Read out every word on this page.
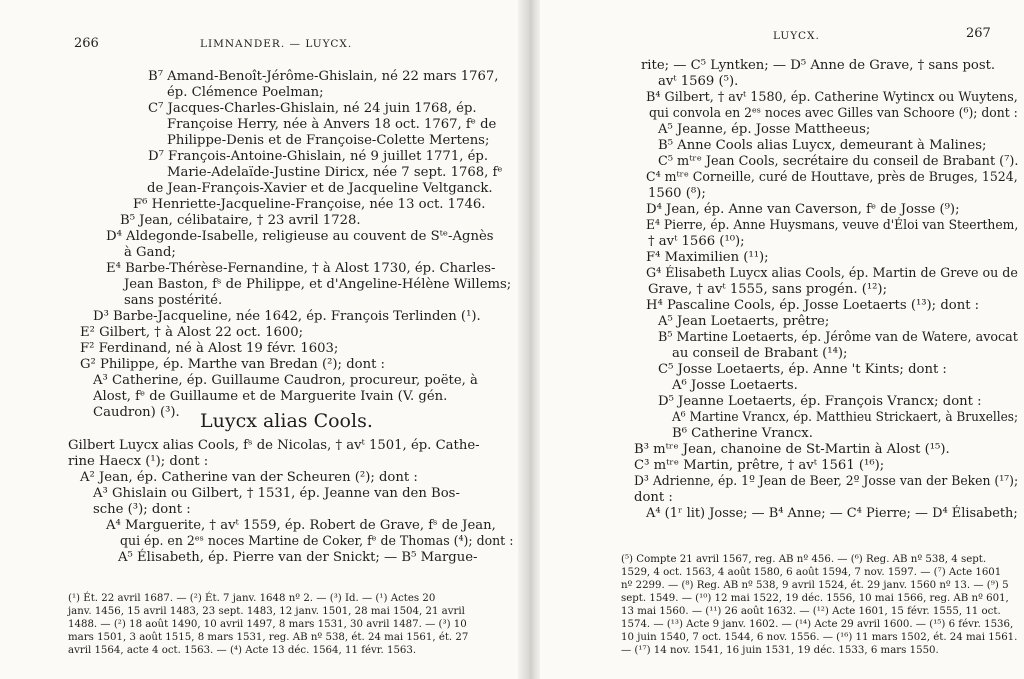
266	LIMNANDER. — LUYCX.
B⁷ Amand-Benoît-Jérôme-Ghislain, né 22 mars 1767,
ép. Clémence Poelman;
C⁷ Jacques-Charles-Ghislain, né 24 juin 1768, ép.
Françoise Herry, née à Anvers 18 oct. 1767, fᵉ de
Philippe-Denis et de Françoise-Colette Mertens;
D⁷ François-Antoine-Ghislain, né 9 juillet 1771, ép.
Marie-Adelaïde-Justine Diricx, née 7 sept. 1768, fᵉ
de Jean-François-Xavier et de Jacqueline Veltganck.
F⁶ Henriette-Jacqueline-Françoise, née 13 oct. 1746.
B⁵ Jean, célibataire, † 23 avril 1728.
D⁴ Aldegonde-Isabelle, religieuse au couvent de Sᵗᵉ-Agnès
à Gand;
E⁴ Barbe-Thérèse-Fernandine, † à Alost 1730, ép. Charles-
Jean Baston, fˢ de Philippe, et d'Angeline-Hélène Willems;
sans postérité.
D³ Barbe-Jacqueline, née 1642, ép. François Terlinden (¹).
E² Gilbert, † à Alost 22 oct. 1600;
F² Ferdinand, né à Alost 19 févr. 1603;
G² Philippe, ép. Marthe van Bredan (²); dont :
A³ Catherine, ép. Guillaume Caudron, procureur, poëte, à
Alost, fᵉ de Guillaume et de Marguerite Ivain (V. gén.
Caudron) (³). Luycx alias Cools.
Gilbert Luycx alias Cools, fˢ de Nicolas, † avᵗ 1501, ép. Cathe-
rine Haecx (¹); dont :
A² Jean, ép. Catherine van der Scheuren (²); dont :
A³ Ghislain ou Gilbert, † 1531, ép. Jeanne van den Bos-
sche (³); dont :
A⁴ Marguerite, † avᵗ 1559, ép. Robert de Grave, fˢ de Jean,
qui ép. en 2ᵉˢ noces Martine de Coker, fᵉ de Thomas (⁴); dont :
A⁵ Élisabeth, ép. Pierre van der Snickt; — B⁵ Margue-
(¹) Ét. 22 avril 1687. — (²) Ét. 7 janv. 1648 nº 2. — (³) Id. — (¹) Actes 20
janv. 1456, 15 avril 1483, 23 sept. 1483, 12 janv. 1501, 28 mai 1504, 21 avril
1488. — (²) 18 août 1490, 10 avril 1497, 8 mars 1531, 30 avril 1487. — (³) 10
mars 1501, 3 août 1515, 8 mars 1531, reg. AB nº 538, ét. 24 mai 1561, ét. 27
avril 1564, acte 4 oct. 1563. — (⁴) Acte 13 déc. 1564, 11 févr. 1563.
LUYCX.	267
rite; — C⁵ Lyntken; — D⁵ Anne de Grave, † sans post.
avᵗ 1569 (⁵).
B⁴ Gilbert, † avᵗ 1580, ép. Catherine Wytincx ou Wuytens,
qui convola en 2ᵉˢ noces avec Gilles van Schoore (⁶); dont :
A⁵ Jeanne, ép. Josse Mattheeus;
B⁵ Anne Cools alias Luycx, demeurant à Malines;
C⁵ mᵗʳᵉ Jean Cools, secrétaire du conseil de Brabant (⁷).
C⁴ mᵗʳᵉ Corneille, curé de Houttave, près de Bruges, 1524,
1560 (⁸);
D⁴ Jean, ép. Anne van Caverson, fᵉ de Josse (⁹);
E⁴ Pierre, ép. Anne Huysmans, veuve d'Éloi van Steerthem,
† avᵗ 1566 (¹⁰);
F⁴ Maximilien (¹¹);
G⁴ Élisabeth Luycx alias Cools, ép. Martin de Greve ou de
Grave, † avᵗ 1555, sans progén. (¹²);
H⁴ Pascaline Cools, ép. Josse Loetaerts (¹³); dont :
A⁵ Jean Loetaerts, prêtre;
B⁵ Martine Loetaerts, ép. Jérôme van de Watere, avocat
au conseil de Brabant (¹⁴);
C⁵ Josse Loetaerts, ép. Anne 't Kints; dont :
A⁶ Josse Loetaerts.
D⁵ Jeanne Loetaerts, ép. François Vrancx; dont :
A⁶ Martine Vrancx, ép. Matthieu Strickaert, à Bruxelles;
B⁶ Catherine Vrancx.
B³ mᵗʳᵉ Jean, chanoine de St-Martin à Alost (¹⁵).
C³ mᵗʳᵉ Martin, prêtre, † avᵗ 1561 (¹⁶);
D³ Adrienne, ép. 1º Jean de Beer, 2º Josse van der Beken (¹⁷);
dont :
A⁴ (1ʳ lit) Josse; — B⁴ Anne; — C⁴ Pierre; — D⁴ Élisabeth;
(⁵) Compte 21 avril 1567, reg. AB nº 456. — (⁶) Reg. AB nº 538, 4 sept.
1529, 4 oct. 1563, 4 août 1580, 6 août 1594, 7 nov. 1597. — (⁷) Acte 1601
nº 2299. — (⁸) Reg. AB nº 538, 9 avril 1524, ét. 29 janv. 1560 nº 13. — (⁹) 5
sept. 1549. — (¹⁰) 12 mai 1522, 19 déc. 1556, 10 mai 1566, reg. AB nº 601,
13 mai 1560. — (¹¹) 26 août 1632. — (¹²) Acte 1601, 15 févr. 1555, 11 oct.
1574. — (¹³) Acte 9 janv. 1602. — (¹⁴) Acte 29 avril 1600. — (¹⁵) 6 févr. 1536,
10 juin 1540, 7 oct. 1544, 6 nov. 1556. — (¹⁶) 11 mars 1502, ét. 24 mai 1561.
— (¹⁷) 14 nov. 1541, 16 juin 1531, 19 déc. 1533, 6 mars 1550.
